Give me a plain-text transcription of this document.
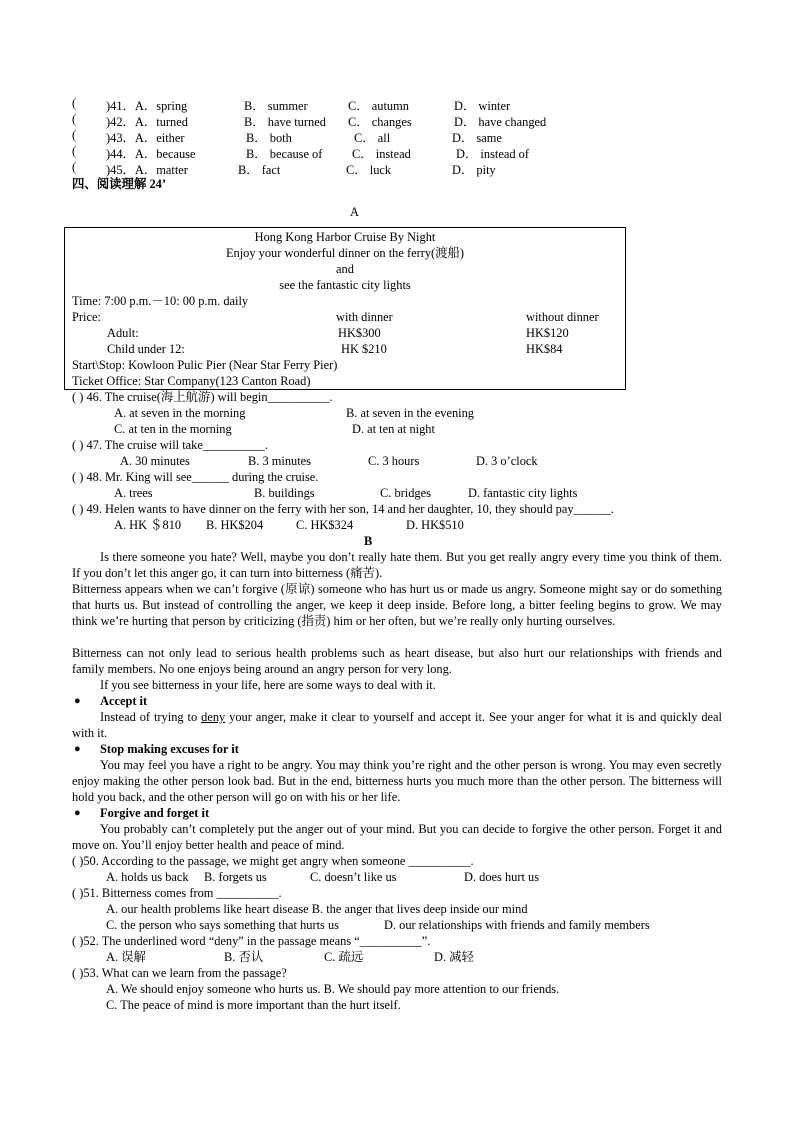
( )41．A．spring	B． summer	C． autumn	D． winter
( )42．A．turned	B． have turned C． changes	D． have changed
( )43．A．either	B． both	C． all	D． same
( )44．A．because	B． because of C． instead	D． instead of
( )45．A．matter	B． fact	C． luck	D． pity
四、阅读理解 24’
A
Hong Kong Harbor Cruise By Night
Enjoy your wonderful dinner on the ferry(渡船)
and
see the fantastic city lights
Time: 7:00 p.m.－10: 00 p.m. daily
Price:	with dinner	without dinner
Adult:	HK$300	HK$120
Child under 12:	HK $210	HK$84
Start\Stop: Kowloon Pulic Pier (Near Star Ferry Pier)
Ticket Office: Star Company(123 Canton Road)
( ) 46. The cruise(海上航游) will begin__________.
A. at seven in the morning	B. at seven in the evening
C. at ten in the morning	D. at ten at night
( ) 47. The cruise will take__________.
A. 30 minutes	B. 3 minutes	C. 3 hours	D. 3 o’clock
( ) 48. Mr. King will see______ during the cruise.
A. trees	B. buildings	C. bridges	D. fantastic city lights
( ) 49. Helen wants to have dinner on the ferry with her son, 14 and her daughter, 10, they should pay______.
A. HK ＄810 B. HK$204	C. HK$324	D. HK$510
B
Is there someone you hate? Well, maybe you don’t really hate them. But you get really angry every time you think of them. If you don’t let this anger go, it can turn into bitterness (痛苦).
Bitterness appears when we can’t forgive (原谅) someone who has hurt us or made us angry. Someone might say or do something that hurts us. But instead of controlling the anger, we keep it deep inside. Before long, a bitter feeling begins to grow. We may think we’re hurting that person by criticizing (指责) him or her often, but we’re really only hurting ourselves.
Bitterness can not only lead to serious health problems such as heart disease, but also hurt our relationships with friends and family members. No one enjoys being around an angry person for very long.
If you see bitterness in your life, here are some ways to deal with it.
● Accept it
Instead of trying to deny your anger, make it clear to yourself and accept it. See your anger for what it is and quickly deal with it.
● Stop making excuses for it
You may feel you have a right to be angry. You may think you’re right and the other person is wrong. You may even secretly enjoy making the other person look bad. But in the end, bitterness hurts you much more than the other person. The bitterness will hold you back, and the other person will go on with his or her life.
● Forgive and forget it
You probably can’t completely put the anger out of your mind. But you can decide to forgive the other person. Forget it and move on. You’ll enjoy better health and peace of mind.
( )50. According to the passage, we might get angry when someone __________.
A. holds us back B. forgets us	C. doesn’t like us	D. does hurt us
( )51. Bitterness comes from __________.
A. our health problems like heart disease B. the anger that lives deep inside our mind
C. the person who says something that hurts us	D. our relationships with friends and family members
( )52. The underlined word “deny” in the passage means “__________”.
A. 误解	B. 否认	C. 疏远	D. 减轻
( )53. What can we learn from the passage?
A. We should enjoy someone who hurts us. B. We should pay more attention to our friends.
C. The peace of mind is more important than the hurt itself.
